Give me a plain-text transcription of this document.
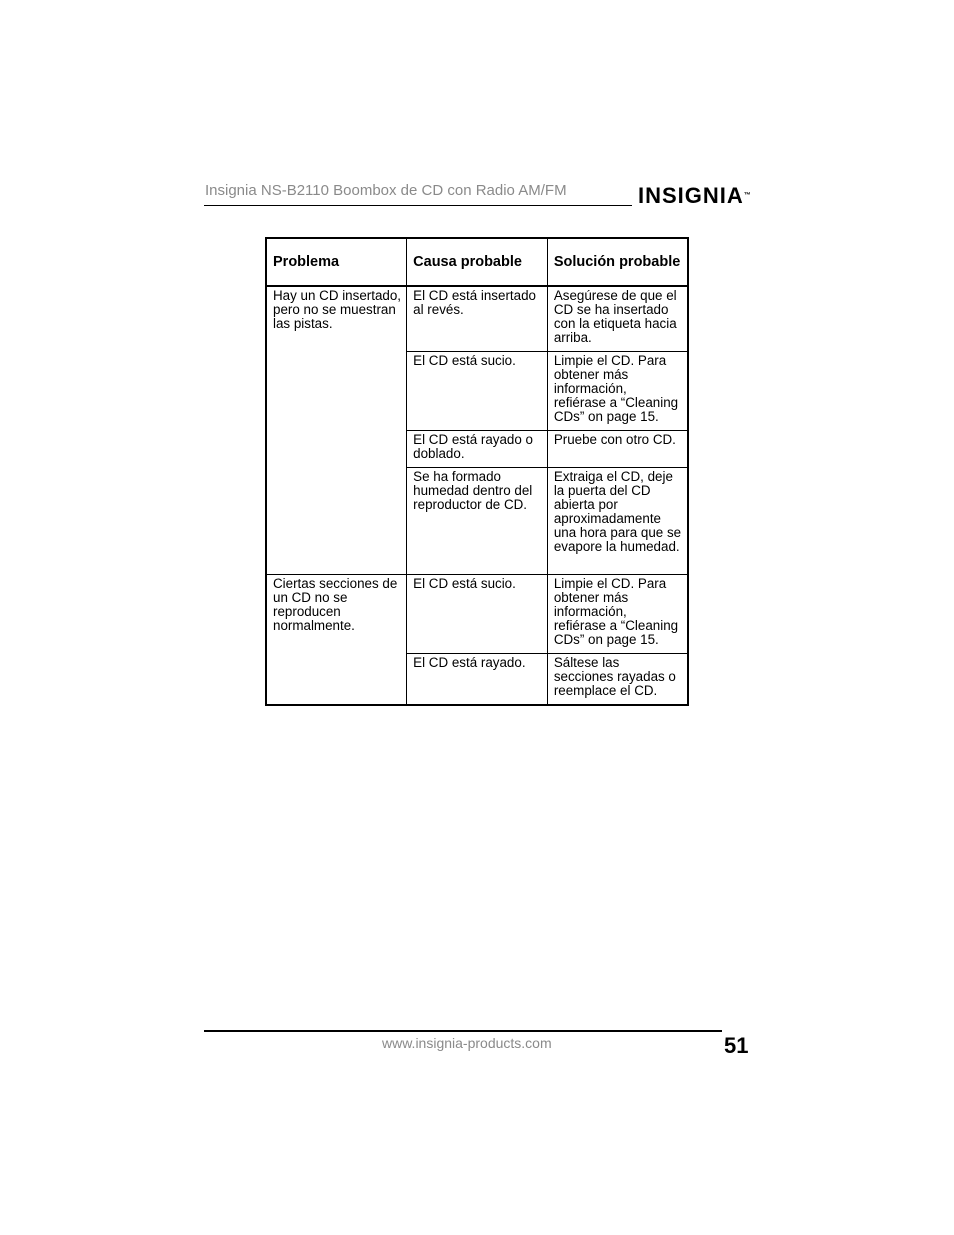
Insignia NS-B2110 Boombox de CD con Radio AM/FM	INSIGNIA™
Problema	Causa probable	Solución probable
Hay un CD insertado, pero no se muestran las pistas.	El CD está insertado al revés.	Asegúrese de que el CD se ha insertado con la etiqueta hacia arriba.
	El CD está sucio.	Limpie el CD. Para obtener más información, refiérase a “Cleaning CDs” on page 15.
	El CD está rayado o doblado.	Pruebe con otro CD.
	Se ha formado humedad dentro del reproductor de CD.	Extraiga el CD, deje la puerta del CD abierta por aproximadamente una hora para que se evapore la humedad.
Ciertas secciones de un CD no se reproducen normalmente.	El CD está sucio.	Limpie el CD. Para obtener más información, refiérase a “Cleaning CDs” on page 15.
	El CD está rayado.	Sáltese las secciones rayadas o reemplace el CD.
www.insignia-products.com	51
